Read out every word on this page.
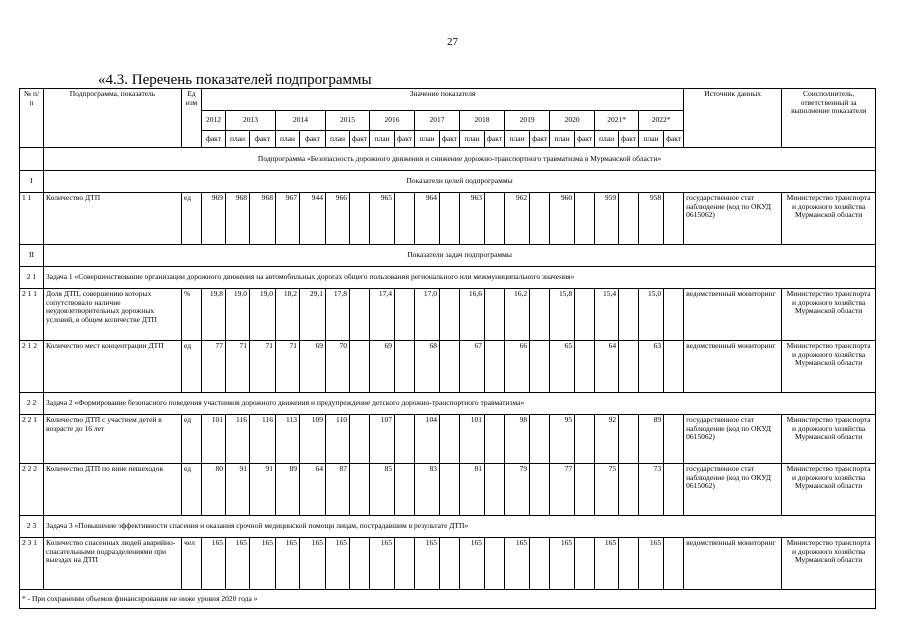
27
«4.3. Перечень показателей подпрограммы
№ п/п	Подпрограмма, показатель	Ед изм	Значение показателя																					Источник данных	Соисполнитель, ответственный за выполнение показателя
			2012	2013		2014		2015		2016		2017		2018		2019		2020		2021*		2022*			
			факт	план	факт	план	факт	план	факт	план	факт	план	факт	план	факт	план	факт	план	факт	план	факт	план	факт		
	Подпрограмма «Безопасность дорожного движения и снижение дорожно-транспортного травматизма в Мурманской области»																								
I	Показатели целей подпрограммы																								
1 1	Количество ДТП	ед	969	968	968	967	944	966		965		964		963		962		960		959		958		государственное стат наблюдение (код по ОКУД 0615062)	Министерство транспорта и дорожного хозяйства Мурманской области
II	Показатели задач подпрограммы																								
2 1	Задача 1 «Совершенствование организации дорожного движения на автомобильных дорогах общего пользования регионального или межмуниципального значения»																								
2 1 1	Доля ДТП, совершению которых сопутствовало наличие неудовлетворительных дорожных условий, в общем количестве ДТП	%	19,8	19,0	19,0	18,2	29,1	17,8		17,4		17,0		16,6		16,2		15,8		15,4		15,0		ведомственный мониторинг	Министерство транспорта и дорожного хозяйства Мурманской области
2 1 2	Количество мест концентрации ДТП	ед	77	71	71	71	69	70		69		68		67		66		65		64		63		ведомственный мониторинг	Министерство транспорта и дорожного хозяйства Мурманской области
2 2	Задача 2 «Формирование безопасного поведения участников дорожного движения и предупреждение детского дорожно-транспортного травматизма»																								
2 2 1	Количество ДТП с участием детей в возрасте до 16 лет	ед	101	116	116	113	109	110		107		104		101		98		95		92		89		государственное стат наблюдение (код по ОКУД 0615062)	Министерство транспорта и дорожного хозяйства Мурманской области
2 2 2	Количество ДТП по вине пешеходов	ед	80	91	91	89	64	87		85		83		81		79		77		75		73		государственное стат наблюдение (код по ОКУД 0615062)	Министерство транспорта и дорожного хозяйства Мурманской области
2 3	Задача 3 «Повышение эффективности спасения и оказания срочной медицинской помощи лицам, пострадавшим в результате ДТП»																								
2 3 1	Количество спасенных людей аварийно-спасательными подразделениями при выездах на ДТП	чел	165	165	165	165	165	165		165		165		165		165		165		165		165		ведомственный мониторинг	Министерство транспорта и дорожного хозяйства Мурманской области
* - При сохранении объемов финансирования не ниже уровня 2020 года »																									
